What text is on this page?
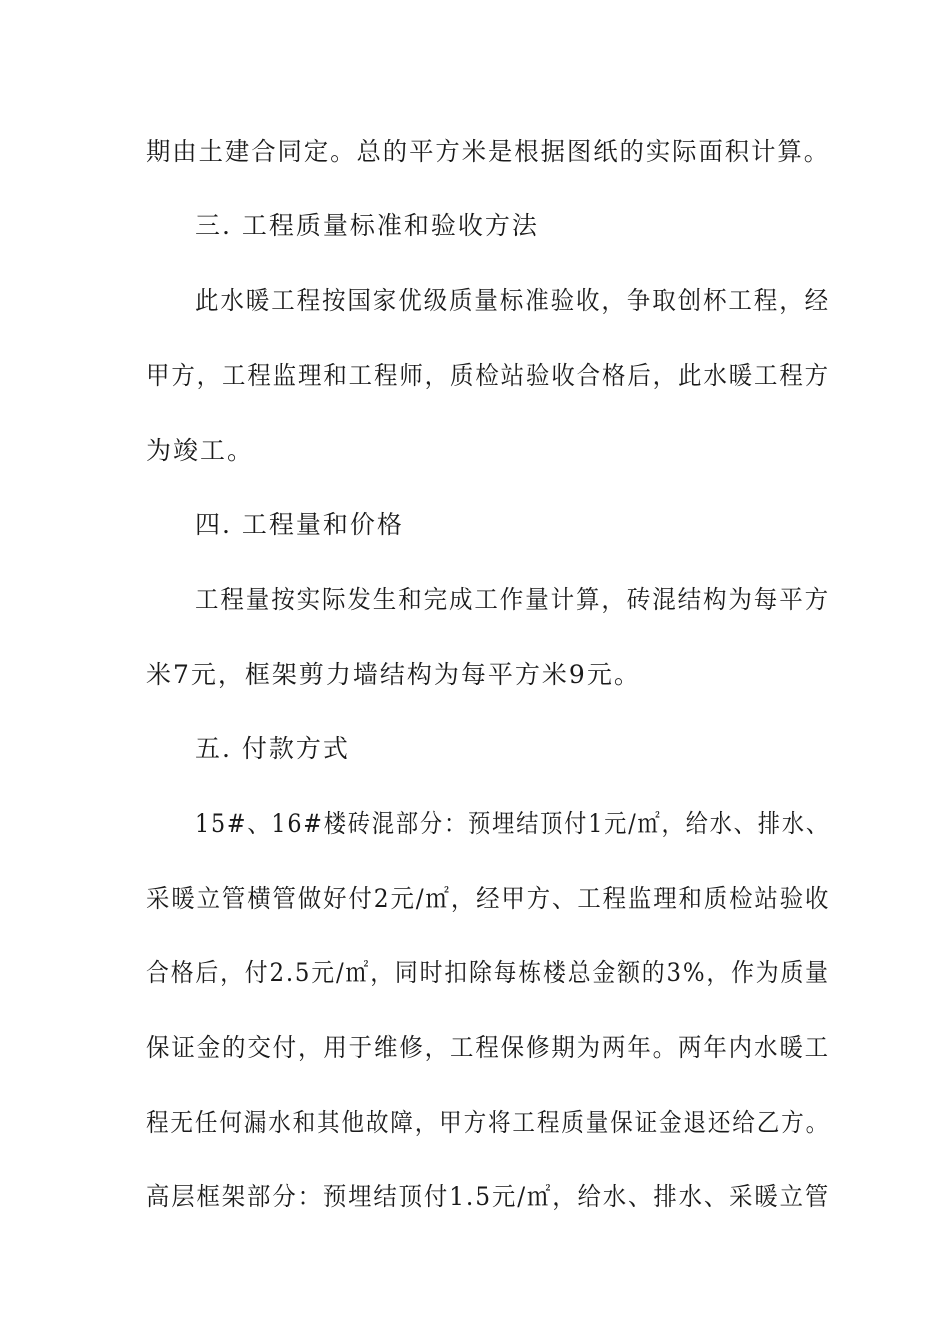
期由土建合同定。总的平方米是根据图纸的实际面积计算。
三. 工程质量标准和验收方法
此水暖工程按国家优级质量标准验收，争取创杯工程，经
甲方，工程监理和工程师，质检站验收合格后，此水暖工程方
为竣工。
四. 工程量和价格
工程量按实际发生和完成工作量计算，砖混结构为每平方
米7元，框架剪力墙结构为每平方米9元。
五. 付款方式
15#、16#楼砖混部分：预埋结顶付1元/㎡，给水、排水、
采暖立管横管做好付2元/㎡，经甲方、工程监理和质检站验收
合格后，付2.5元/㎡，同时扣除每栋楼总金额的3%，作为质量
保证金的交付，用于维修，工程保修期为两年。两年内水暖工
程无任何漏水和其他故障，甲方将工程质量保证金退还给乙方。
高层框架部分：预埋结顶付1.5元/㎡，给水、排水、采暖立管
